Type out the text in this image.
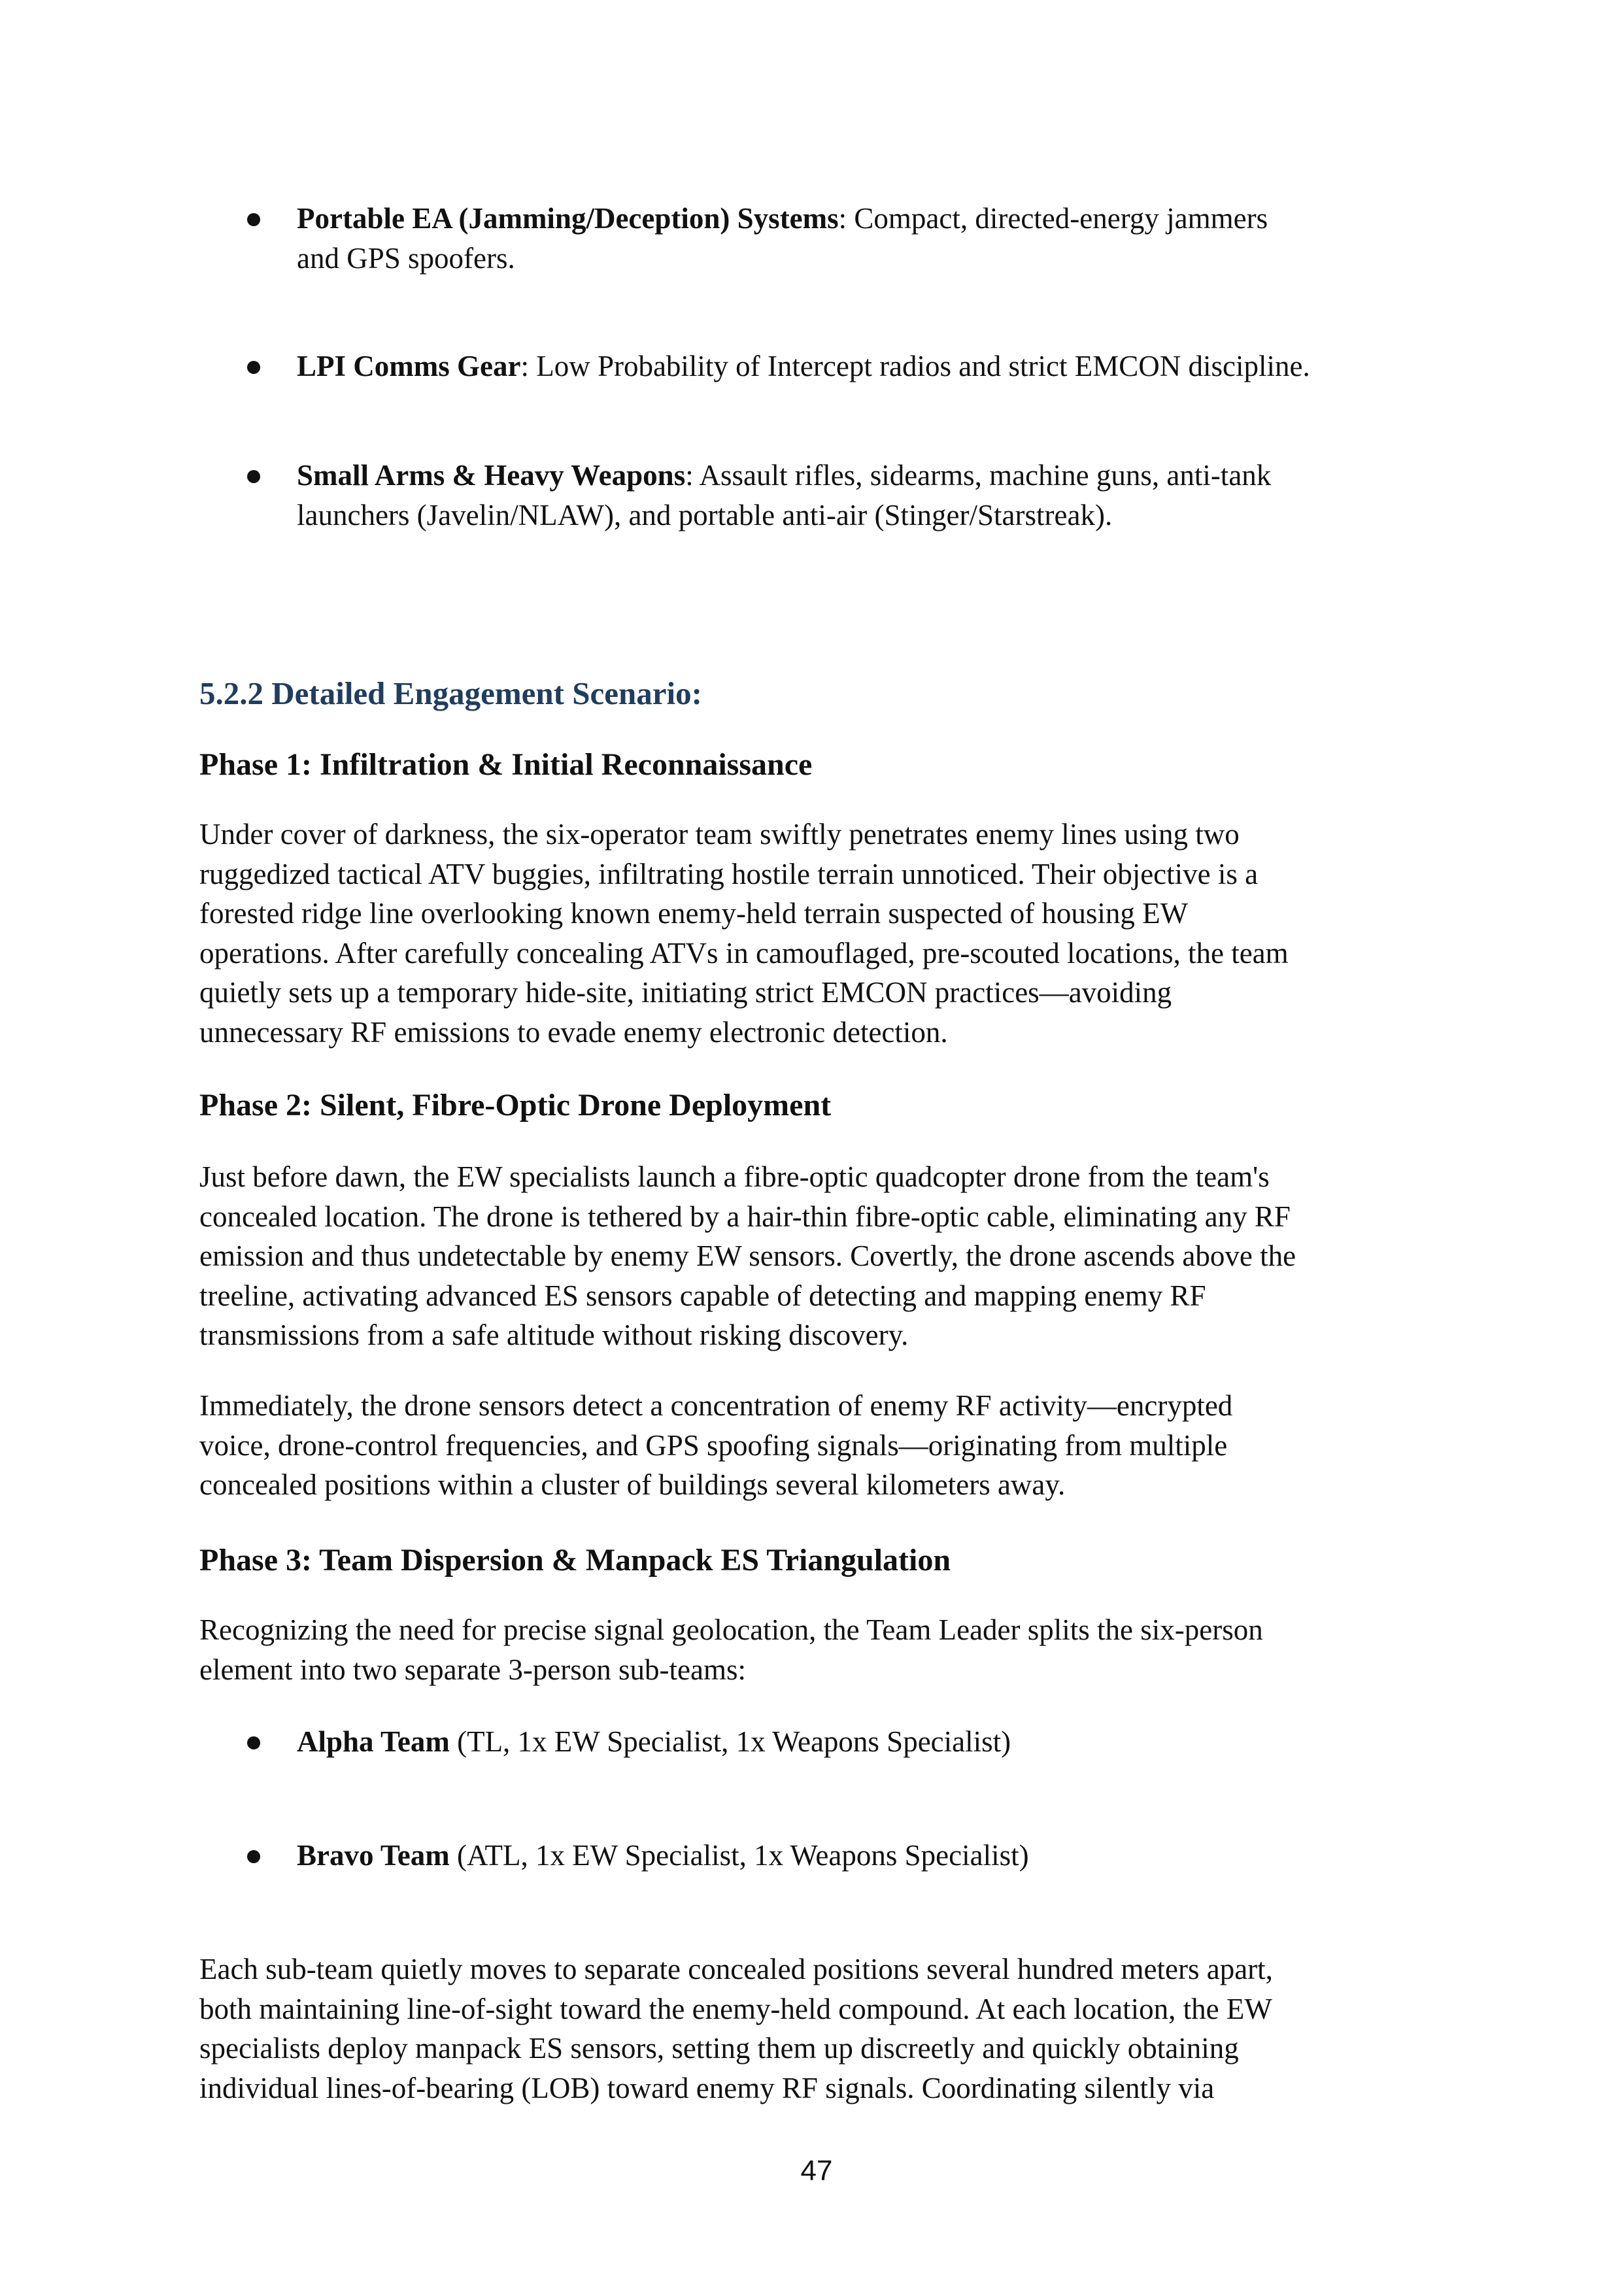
Portable EA (Jamming/Deception) Systems: Compact, directed-energy jammers
and GPS spoofers.
LPI Comms Gear: Low Probability of Intercept radios and strict EMCON discipline.
Small Arms & Heavy Weapons: Assault rifles, sidearms, machine guns, anti-tank
launchers (Javelin/NLAW), and portable anti-air (Stinger/Starstreak).
5.2.2 Detailed Engagement Scenario:
Phase 1: Infiltration & Initial Reconnaissance
Under cover of darkness, the six-operator team swiftly penetrates enemy lines using two
ruggedized tactical ATV buggies, infiltrating hostile terrain unnoticed. Their objective is a
forested ridge line overlooking known enemy-held terrain suspected of housing EW
operations. After carefully concealing ATVs in camouflaged, pre-scouted locations, the team
quietly sets up a temporary hide-site, initiating strict EMCON practices—avoiding
unnecessary RF emissions to evade enemy electronic detection.
Phase 2: Silent, Fibre-Optic Drone Deployment
Just before dawn, the EW specialists launch a fibre-optic quadcopter drone from the team's
concealed location. The drone is tethered by a hair-thin fibre-optic cable, eliminating any RF
emission and thus undetectable by enemy EW sensors. Covertly, the drone ascends above the
treeline, activating advanced ES sensors capable of detecting and mapping enemy RF
transmissions from a safe altitude without risking discovery.
Immediately, the drone sensors detect a concentration of enemy RF activity—encrypted
voice, drone-control frequencies, and GPS spoofing signals—originating from multiple
concealed positions within a cluster of buildings several kilometers away.
Phase 3: Team Dispersion & Manpack ES Triangulation
Recognizing the need for precise signal geolocation, the Team Leader splits the six-person
element into two separate 3-person sub-teams:
Alpha Team (TL, 1x EW Specialist, 1x Weapons Specialist)
Bravo Team (ATL, 1x EW Specialist, 1x Weapons Specialist)
Each sub-team quietly moves to separate concealed positions several hundred meters apart,
both maintaining line-of-sight toward the enemy-held compound. At each location, the EW
specialists deploy manpack ES sensors, setting them up discreetly and quickly obtaining
individual lines-of-bearing (LOB) toward enemy RF signals. Coordinating silently via
47
